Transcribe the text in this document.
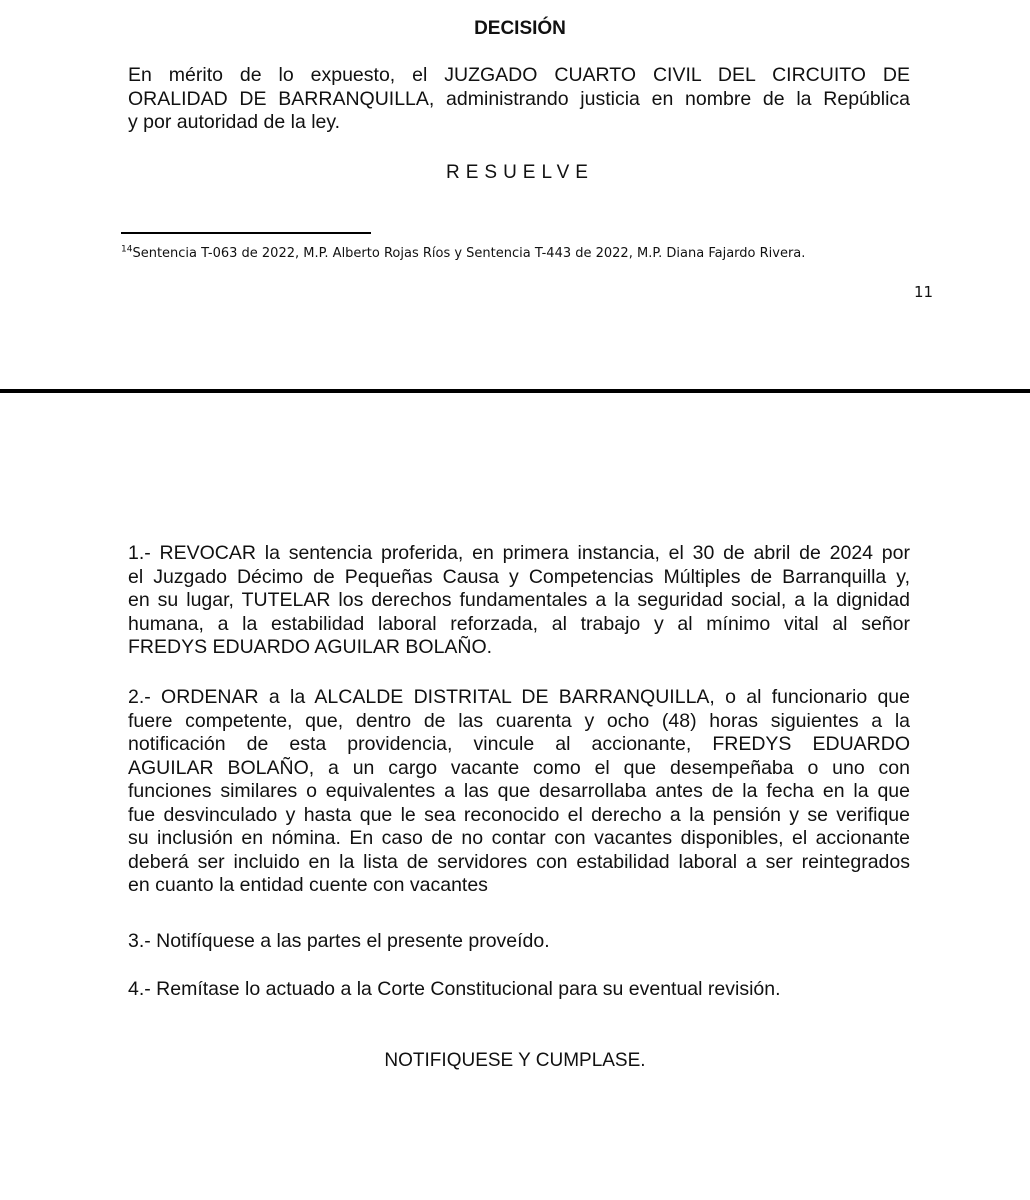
DECISIÓN
En mérito de lo expuesto, el JUZGADO CUARTO CIVIL DEL CIRCUITO DE
ORALIDAD DE BARRANQUILLA, administrando justicia en nombre de la República
y por autoridad de la ley.
RESUELVE
$^{14}$Sentencia T-063 de 2022, M.P. Alberto Rojas Ríos y Sentencia T-443 de 2022, M.P. Diana Fajardo Rivera.
11
1.- REVOCAR la sentencia proferida, en primera instancia, el 30 de abril de 2024 por
el Juzgado Décimo de Pequeñas Causa y Competencias Múltiples de Barranquilla y,
en su lugar, TUTELAR los derechos fundamentales a la seguridad social, a la dignidad
humana, a la estabilidad laboral reforzada, al trabajo y al mínimo vital al señor
FREDYS EDUARDO AGUILAR BOLAÑO.
2.- ORDENAR a la ALCALDE DISTRITAL DE BARRANQUILLA, o al funcionario que
fuere competente, que, dentro de las cuarenta y ocho (48) horas siguientes a la
notificación de esta providencia, vincule al accionante, FREDYS EDUARDO
AGUILAR BOLAÑO, a un cargo vacante como el que desempeñaba o uno con
funciones similares o equivalentes a las que desarrollaba antes de la fecha en la que
fue desvinculado y hasta que le sea reconocido el derecho a la pensión y se verifique
su inclusión en nómina. En caso de no contar con vacantes disponibles, el accionante
deberá ser incluido en la lista de servidores con estabilidad laboral a ser reintegrados
en cuanto la entidad cuente con vacantes
3.- Notifíquese a las partes el presente proveído.
4.- Remítase lo actuado a la Corte Constitucional para su eventual revisión.
NOTIFIQUESE Y CUMPLASE.
